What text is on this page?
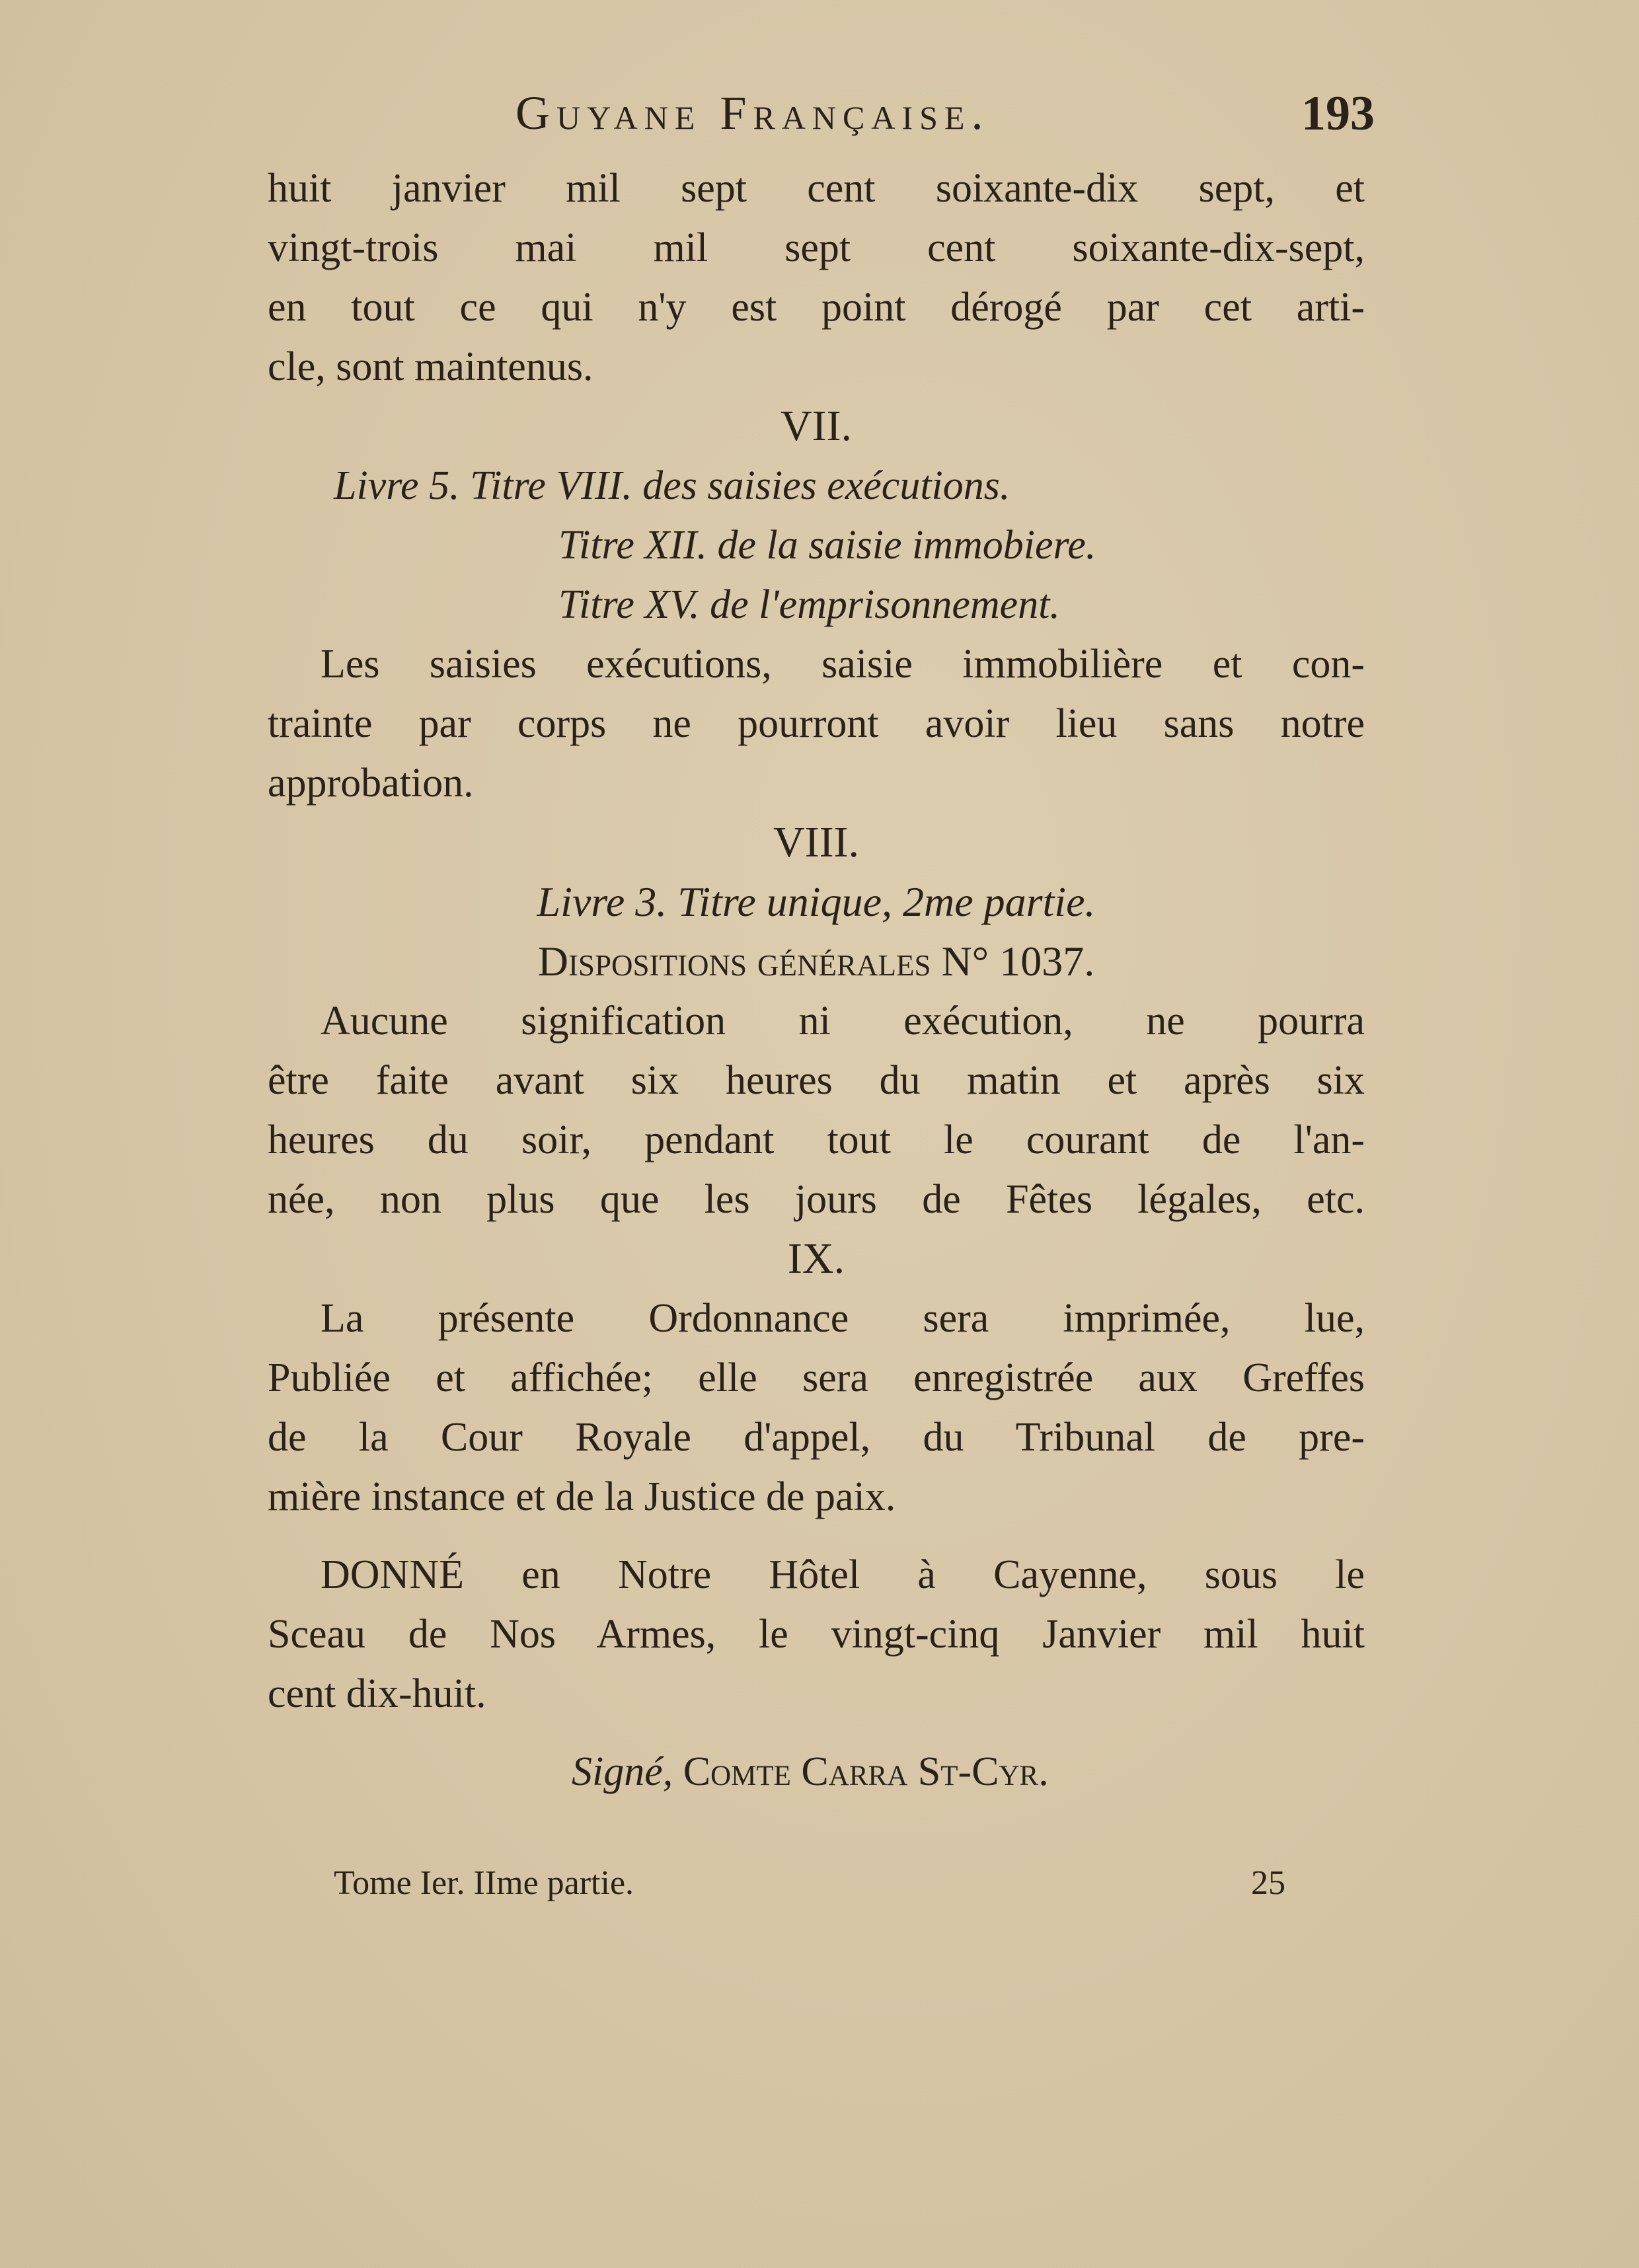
Guyane Française.	193
huit janvier mil sept cent soixante-dix sept, et
vingt-trois mai mil sept cent soixante-dix-sept,
en tout ce qui n'y est point dérogé par cet arti-
cle, sont maintenus.
VII.
Livre 5. Titre VIII. des saisies exécutions.
Titre XII. de la saisie immobiere.
Titre XV. de l'emprisonnement.
Les saisies exécutions, saisie immobilière et con-
trainte par corps ne pourront avoir lieu sans notre
approbation.
VIII.
Livre 3. Titre unique, 2me partie.
Dispositions générales N° 1037.
Aucune signification ni exécution, ne pourra
être faite avant six heures du matin et après six
heures du soir, pendant tout le courant de l'an-
née, non plus que les jours de Fêtes légales, etc.
IX.
La présente Ordonnance sera imprimée, lue,
Publiée et affichée; elle sera enregistrée aux Greffes
de la Cour Royale d'appel, du Tribunal de pre-
mière instance et de la Justice de paix.
DONNÉ en Notre Hôtel à Cayenne, sous le
Sceau de Nos Armes, le vingt-cinq Janvier mil huit
cent dix-huit.
Signé, Comte Carra St-Cyr.
Tome Ier. IIme partie.	25
